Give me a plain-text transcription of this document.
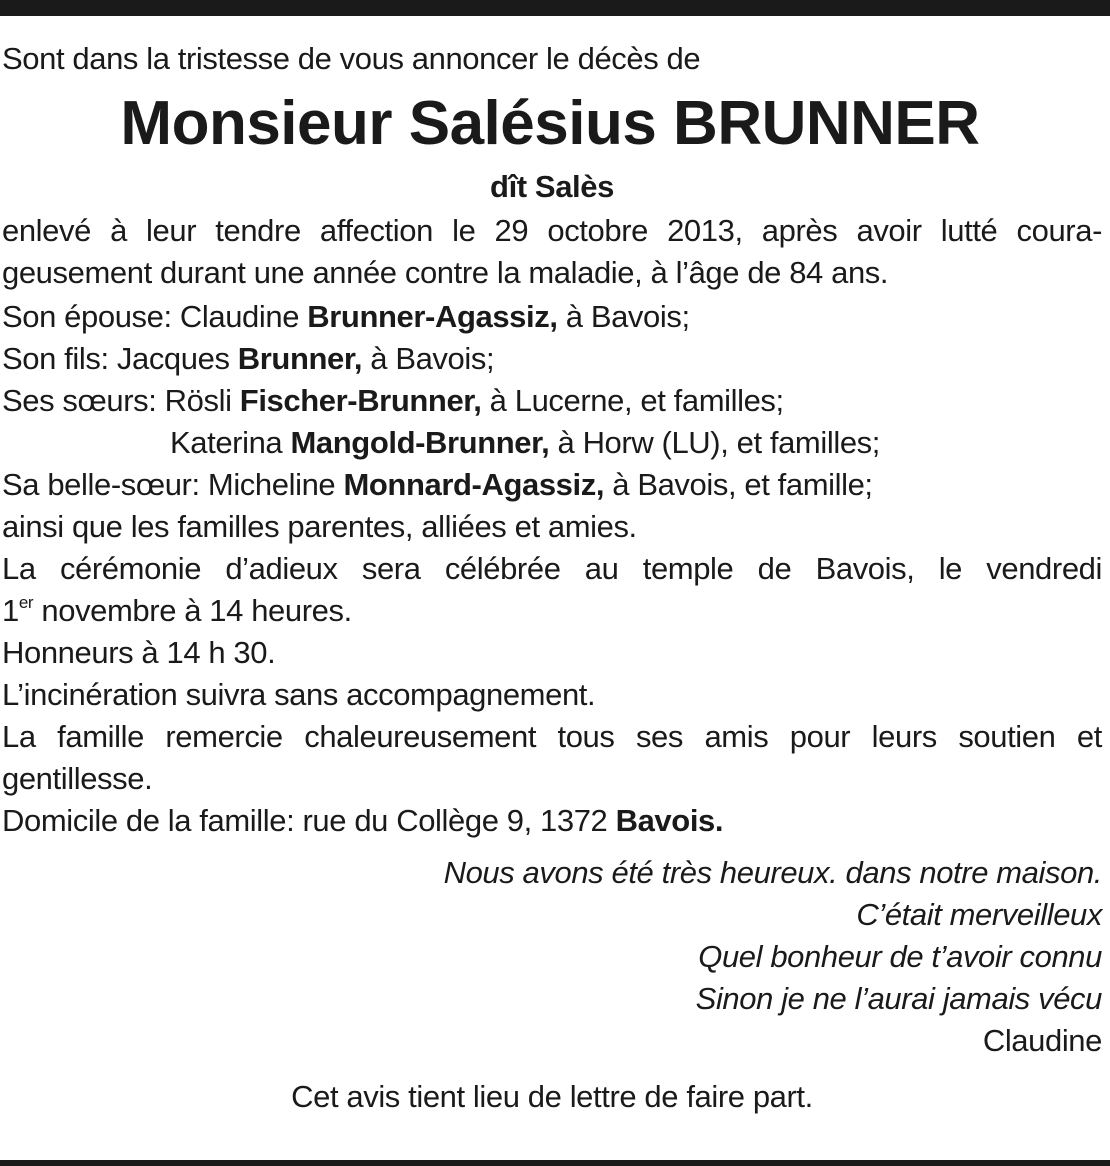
Sont dans la tristesse de vous annoncer le décès de
Monsieur Salésius BRUNNER
dît Salès
enlevé à leur tendre affection le 29 octobre 2013, après avoir lutté coura-
geusement durant une année contre la maladie, à l’âge de 84 ans.
Son épouse: Claudine Brunner-Agassiz, à Bavois;
Son fils: Jacques Brunner, à Bavois;
Ses sœurs: Rösli Fischer-Brunner, à Lucerne, et familles;
Katerina Mangold-Brunner, à Horw (LU), et familles;
Sa belle-sœur: Micheline Monnard-Agassiz, à Bavois, et famille;
ainsi que les familles parentes, alliées et amies.
La cérémonie d’adieux sera célébrée au temple de Bavois, le vendredi
1er novembre à 14 heures.
Honneurs à 14 h 30.
L’incinération suivra sans accompagnement.
La famille remercie chaleureusement tous ses amis pour leurs soutien et
gentillesse.
Domicile de la famille: rue du Collège 9, 1372 Bavois.
Nous avons été très heureux. dans notre maison.
C’était merveilleux
Quel bonheur de t’avoir connu
Sinon je ne l’aurai jamais vécu
Claudine
Cet avis tient lieu de lettre de faire part.
